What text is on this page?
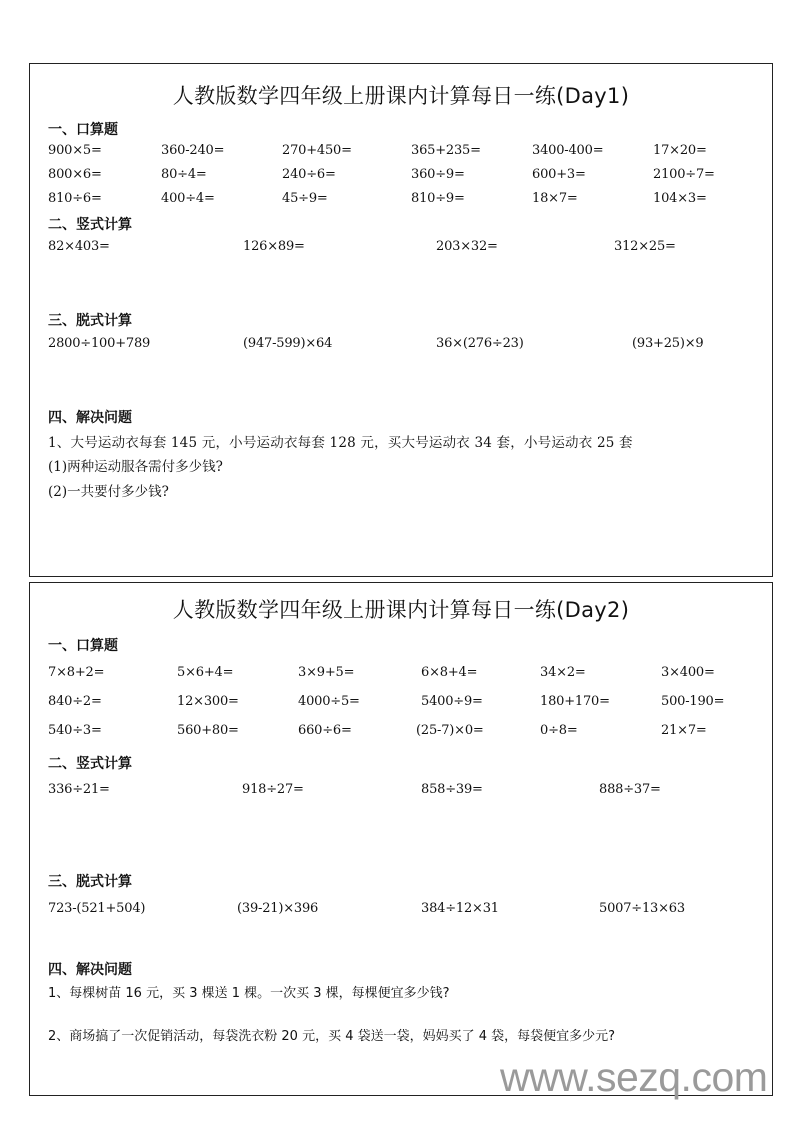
人教版数学四年级上册课内计算每日一练(Day1)
一、口算题
900×5=	360-240=	270+450=	365+235=	3400-400=	17×20=
800×6=	80÷4=	240÷6=	360÷9=	600+3=	2100÷7=
810÷6=	400÷4=	45÷9=	810÷9=	18×7=	104×3=
二、竖式计算
82×403=	126×89=	203×32=	312×25=
三、脱式计算
2800÷100+789	(947-599)×64	36×(276÷23)	(93+25)×9
四、解决问题
1、大号运动衣每套 145 元，小号运动衣每套 128 元，买大号运动衣 34 套，小号运动衣 25 套
(1)两种运动服各需付多少钱?
(2)一共要付多少钱?
人教版数学四年级上册课内计算每日一练(Day2)
一、口算题
7×8+2=	5×6+4=	3×9+5=	6×8+4=	34×2=	3×400=
840÷2=	12×300=	4000÷5=	5400÷9=	180+170=	500-190=
540÷3=	560+80=	660÷6=	(25-7)×0=	0÷8=	21×7=
二、竖式计算
336÷21=	918÷27=	858÷39=	888÷37=
三、脱式计算
723-(521+504)	(39-21)×396	384÷12×31	5007÷13×63
四、解决问题
1、每棵树苗 16 元，买 3 棵送 1 棵。一次买 3 棵，每棵便宜多少钱?
2、商场搞了一次促销活动，每袋洗衣粉 20 元，买 4 袋送一袋，妈妈买了 4 袋，每袋便宜多少元?
www.sezq.com
